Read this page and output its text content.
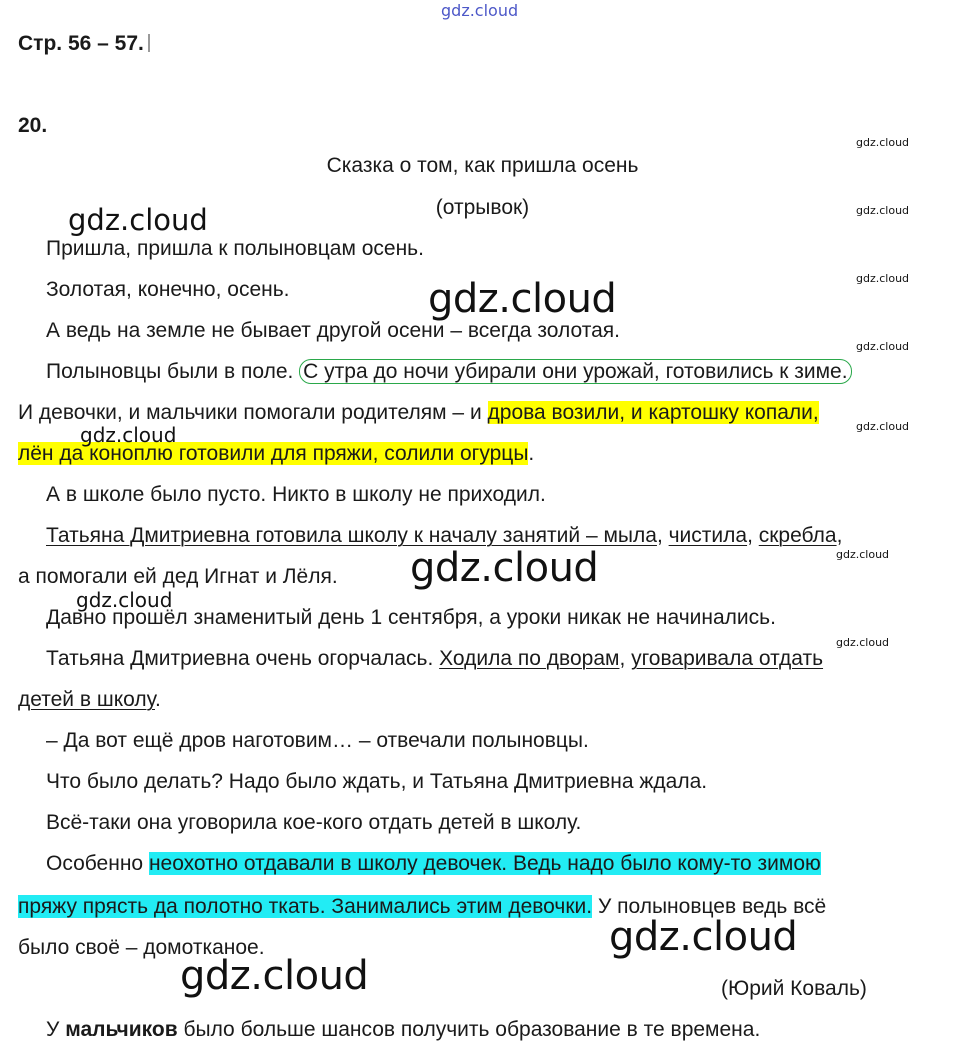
gdz.cloud
Стр. 56 – 57.
20.
Сказка о том, как пришла осень
(отрывок)
Пришла, пришла к полыновцам осень.
Золотая, конечно, осень.
А ведь на земле не бывает другой осени – всегда золотая.
Полыновцы были в поле. С утра до ночи убирали они урожай, готовились к зиме.
И девочки, и мальчики помогали родителям – и дрова возили, и картошку копали,
лён да коноплю готовили для пряжи, солили огурцы.
А в школе было пусто. Никто в школу не приходил.
Татьяна Дмитриевна готовила школу к началу занятий – мыла, чистила, скребла,
а помогали ей дед Игнат и Лёля.
Давно прошёл знаменитый день 1 сентября, а уроки никак не начинались.
Татьяна Дмитриевна очень огорчалась. Ходила по дворам, уговаривала отдать
детей в школу.
– Да вот ещё дров наготовим… – отвечали полыновцы.
Что было делать? Надо было ждать, и Татьяна Дмитриевна ждала.
Всё-таки она уговорила кое-кого отдать детей в школу.
Особенно неохотно отдавали в школу девочек. Ведь надо было кому-то зимою
пряжу прясть да полотно ткать. Занимались этим девочки. У полыновцев ведь всё
было своё – домотканое.
(Юрий Коваль)
У мальчиков было больше шансов получить образование в те времена.
gdz.cloud
gdz.cloud
gdz.cloud
gdz.cloud
gdz.cloud
gdz.cloud
gdz.cloud
gdz.cloud
gdz.cloud
gdz.cloud
gdz.cloud
gdz.cloud
gdz.cloud
gdz.cloud
